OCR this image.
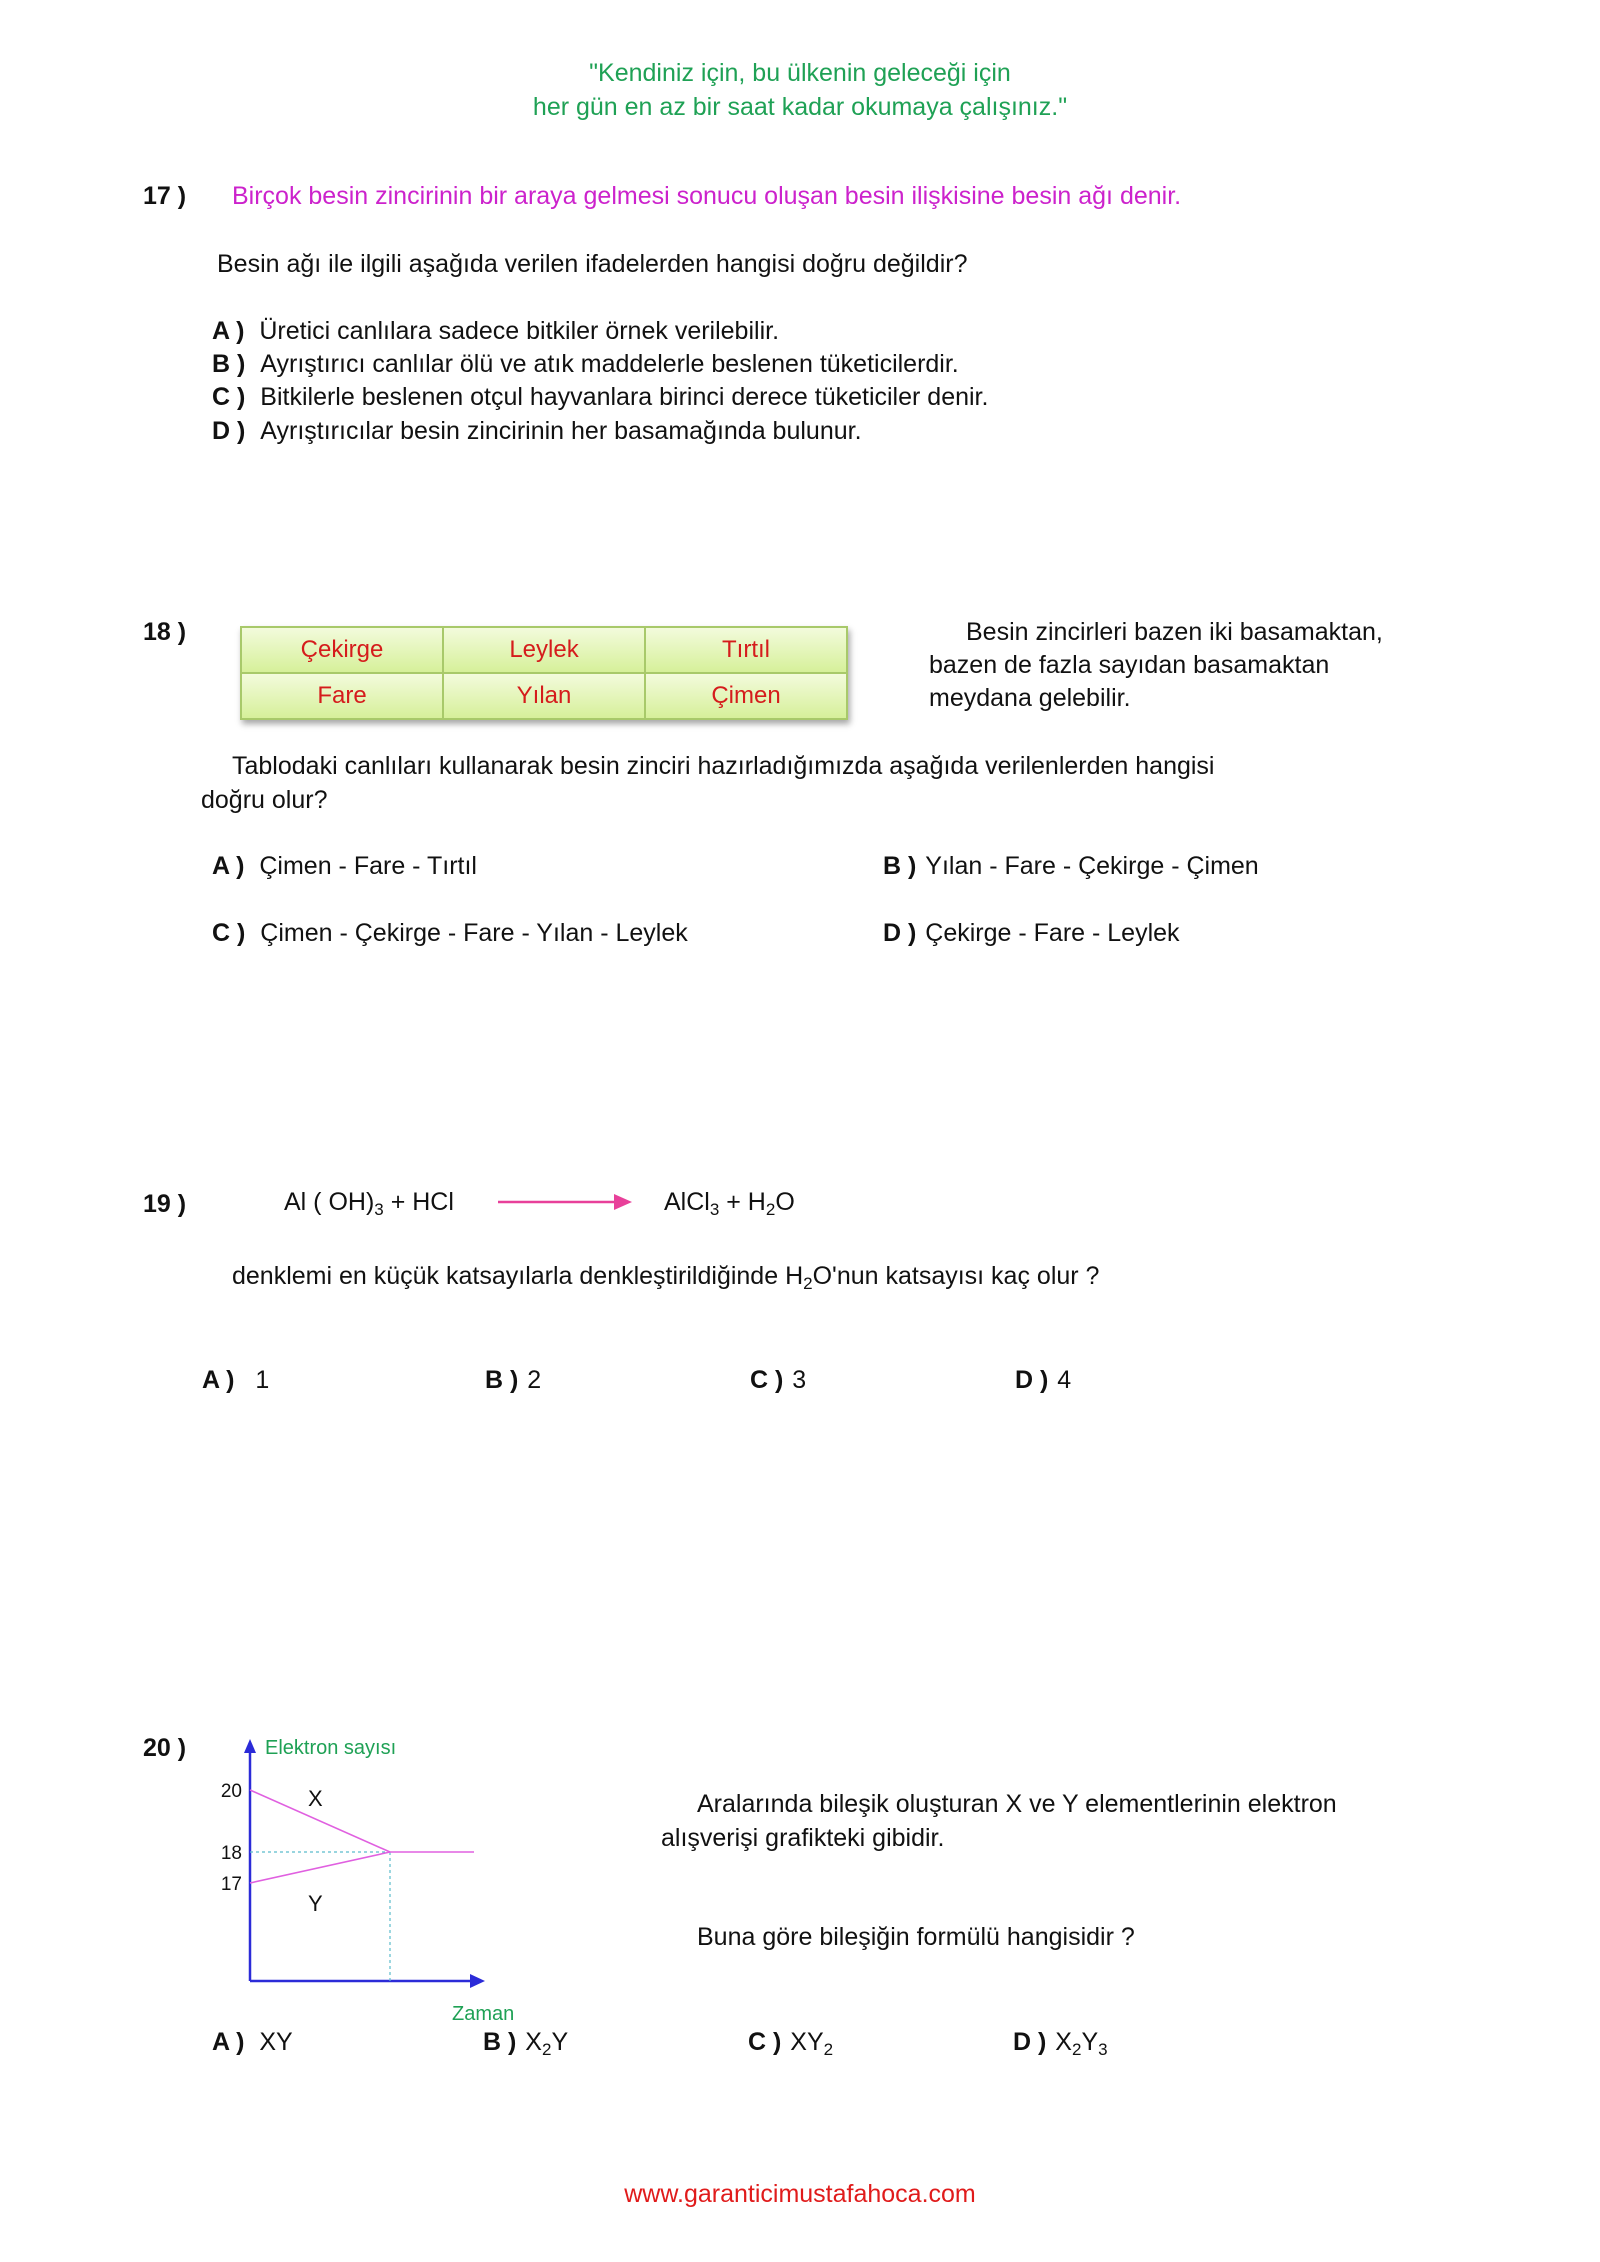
"Kendiniz için, bu ülkenin geleceği için
her gün en az bir saat kadar okumaya çalışınız."
17 ) Birçok besin zincirinin bir araya gelmesi sonucu oluşan besin ilişkisine besin ağı denir.
Besin ağı ile ilgili aşağıda verilen ifadelerden hangisi doğru değildir?
A ) Üretici canlılara sadece bitkiler örnek verilebilir.
B ) Ayrıştırıcı canlılar ölü ve atık maddelerle beslenen tüketicilerdir.
C ) Bitkilerle beslenen otçul hayvanlara birinci derece tüketiciler denir.
D ) Ayrıştırıcılar besin zincirinin her basamağında bulunur.
18 )
Çekirge	Leylek	Tırtıl
Fare	Yılan	Çimen
Besin zincirleri bazen iki basamaktan,
bazen de fazla sayıdan basamaktan
meydana gelebilir.
Tablodaki canlıları kullanarak besin zinciri hazırladığımızda aşağıda verilenlerden hangisi
doğru olur?
A ) Çimen - Fare - Tırtıl	B ) Yılan - Fare - Çekirge - Çimen
C ) Çimen - Çekirge - Fare - Yılan - Leylek	D ) Çekirge - Fare - Leylek
19 )	Al ( $OH)_3$ + HCl	AlCl$_3$ + $H_2O$
denklemi en küçük katsayılarla denkleştirildiğinde $H_2O'nun$ katsayısı kaç olur ?
A ) 1	B ) 2	C ) 3	D ) 4
20 )	Elektron sayısı
Zaman
20
18
17
X
Y
Aralarında bileşik oluşturan X ve Y elementlerinin elektron
alışverişi grafikteki gibidir.
Buna göre bileşiğin formülü hangisidir ?
A ) XY	B ) $X_2Y$	C ) $XY_2$	D ) $X_2Y_3$
www.garanticimustafahoca.com
